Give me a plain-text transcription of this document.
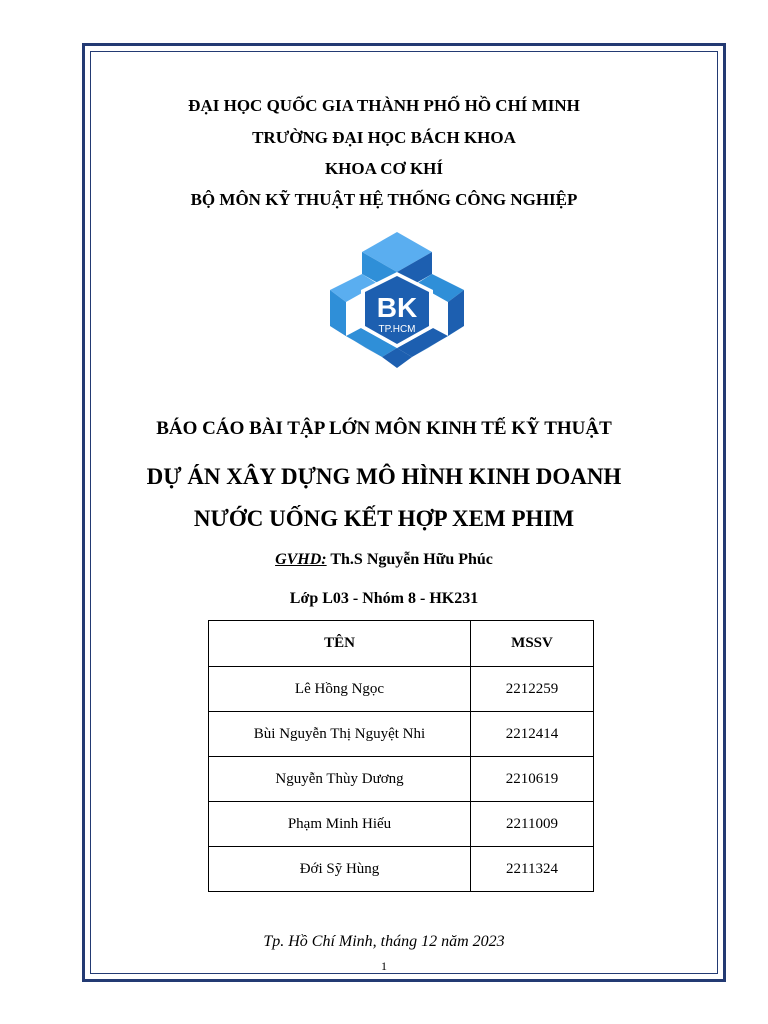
ĐẠI HỌC QUỐC GIA THÀNH PHỐ HỒ CHÍ MINH
TRƯỜNG ĐẠI HỌC BÁCH KHOA
KHOA CƠ KHÍ
BỘ MÔN KỸ THUẬT HỆ THỐNG CÔNG NGHIỆP
BK
TP.HCM
BÁO CÁO BÀI TẬP LỚN MÔN KINH TẾ KỸ THUẬT
DỰ ÁN XÂY DỰNG MÔ HÌNH KINH DOANH
NƯỚC UỐNG KẾT HỢP XEM PHIM
GVHD: Th.S Nguyễn Hữu Phúc
Lớp L03 - Nhóm 8 - HK231
TÊN	MSSV
Lê Hồng Ngọc	2212259
Bùi Nguyễn Thị Nguyệt Nhi	2212414
Nguyễn Thùy Dương	2210619
Phạm Minh Hiếu	2211009
Đới Sỹ Hùng	2211324
Tp. Hồ Chí Minh, tháng 12 năm 2023
1
